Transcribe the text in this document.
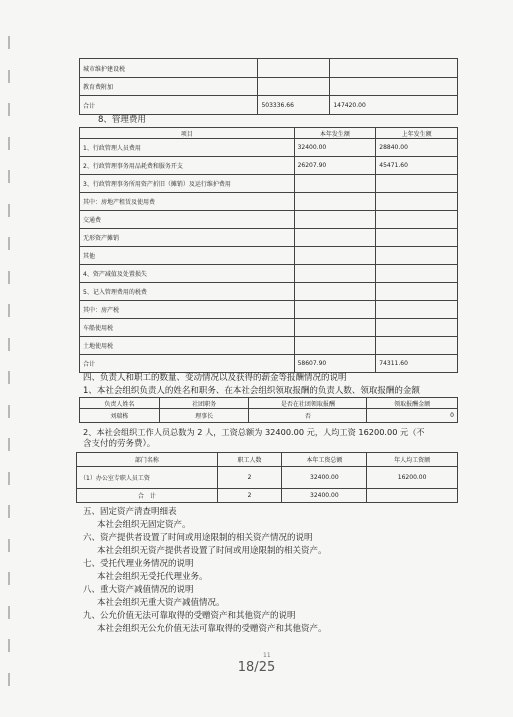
城市维护建设税		
教育费附加		
合计	503336.66	147420.00
8、管理费用
项目	本年发生额	上年发生额
1、行政管理人员费用	32400.00	28840.00
2、行政管理事务用品耗费和服务开支	26207.90	45471.60
3、行政管理事务所用资产折旧（摊销）及运行维护费用		
其中：房地产租赁及使用费		
交通费		
无形资产摊销		
其他		
4、资产减值及处置损失		
5、记入管理费用的税费		
其中：房产税		
车船使用税		
土地使用税		
合计	58607.90	74311.60
四、负责人和职工的数量、变动情况以及获得的薪金等报酬情况的说明
1、本社会组织负责人的姓名和职务、在本社会组织领取报酬的负责人数、领取报酬的金额
负责人姓名	社团职务	是否在社团领取报酬	领取报酬金额
刘瑞栋	理事长	否	0
2、本社会组织工作人员总数为 2 人，工资总额为 32400.00 元，人均工资 16200.00 元（不
含支付的劳务费）。
部门名称	职工人数	本年工资总额	年人均工资额
（1）办公室专职人员工资	2	32400.00	16200.00
合　计	2	32400.00	
五、固定资产清查明细表
本社会组织无固定资产。
六、资产提供者设置了时间或用途限制的相关资产情况的说明
本社会组织无资产提供者设置了时间或用途限制的相关资产。
七、受托代理业务情况的说明
本社会组织无受托代理业务。
八、重大资产减值情况的说明
本社会组织无重大资产减值情况。
九、公允价值无法可靠取得的受赠资产和其他资产的说明
本社会组织无公允价值无法可靠取得的受赠资产和其他资产。
11
18/25
